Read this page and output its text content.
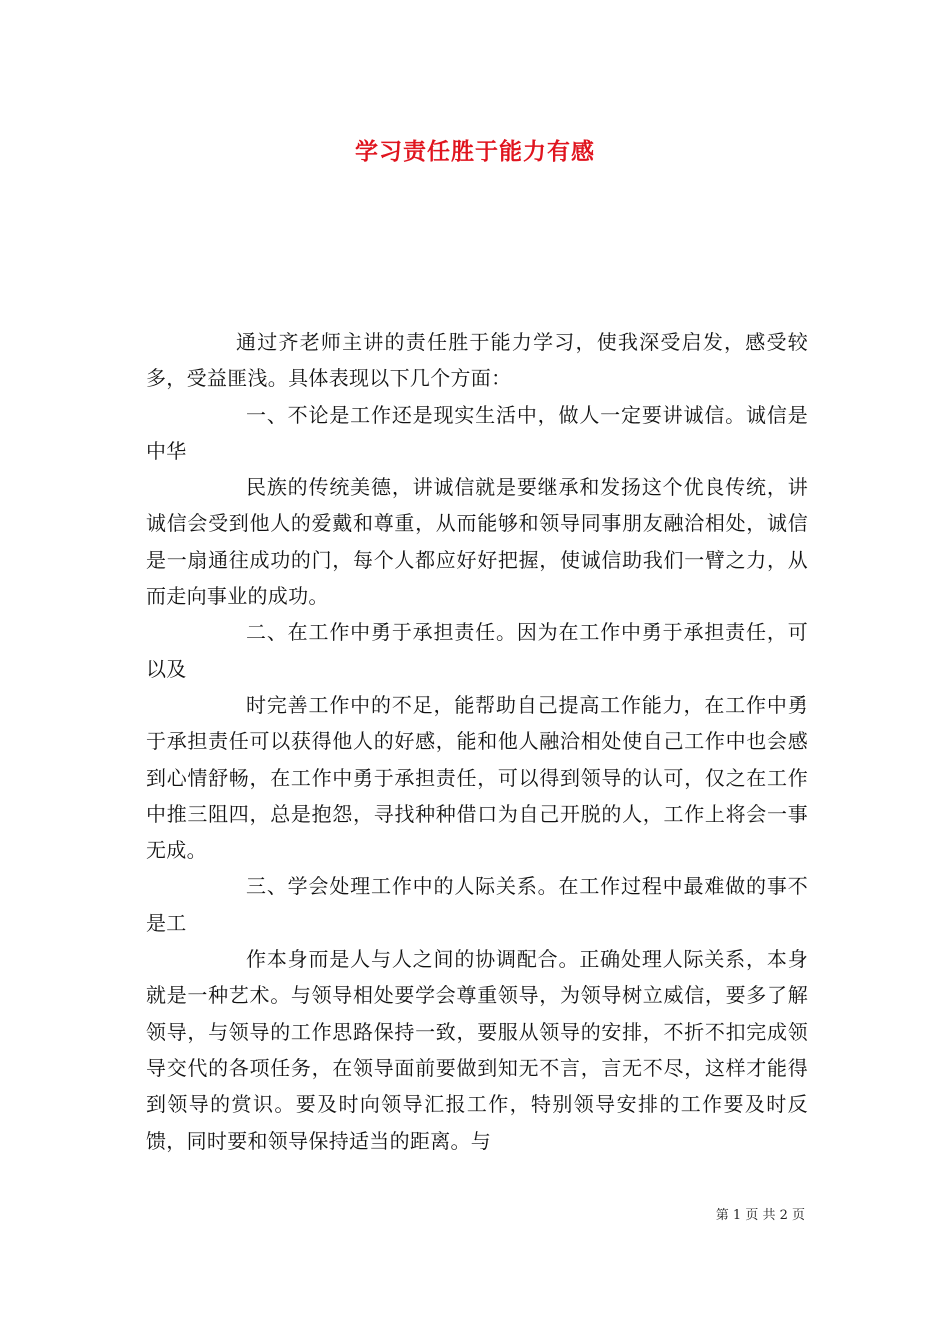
学习责任胜于能力有感

通过齐老师主讲的责任胜于能力学习，使我深受启发，感受较多，受益匪浅。具体表现以下几个方面：

一、不论是工作还是现实生活中，做人一定要讲诚信。诚信是中华

民族的传统美德，讲诚信就是要继承和发扬这个优良传统，讲诚信会受到他人的爱戴和尊重，从而能够和领导同事朋友融洽相处，诚信是一扇通往成功的门，每个人都应好好把握，使诚信助我们一臂之力，从而走向事业的成功。

二、在工作中勇于承担责任。因为在工作中勇于承担责任，可以及

时完善工作中的不足，能帮助自己提高工作能力，在工作中勇于承担责任可以获得他人的好感，能和他人融洽相处使自己工作中也会感到心情舒畅，在工作中勇于承担责任，可以得到领导的认可，仅之在工作中推三阻四，总是抱怨，寻找种种借口为自己开脱的人，工作上将会一事无成。

三、学会处理工作中的人际关系。在工作过程中最难做的事不是工

作本身而是人与人之间的协调配合。正确处理人际关系，本身就是一种艺术。与领导相处要学会尊重领导，为领导树立威信，要多了解领导，与领导的工作思路保持一致，要服从领导的安排，不折不扣完成领导交代的各项任务，在领导面前要做到知无不言，言无不尽，这样才能得到领导的赏识。要及时向领导汇报工作，特别领导安排的工作要及时反馈，同时要和领导保持适当的距离。与

第 1 页 共 2 页
